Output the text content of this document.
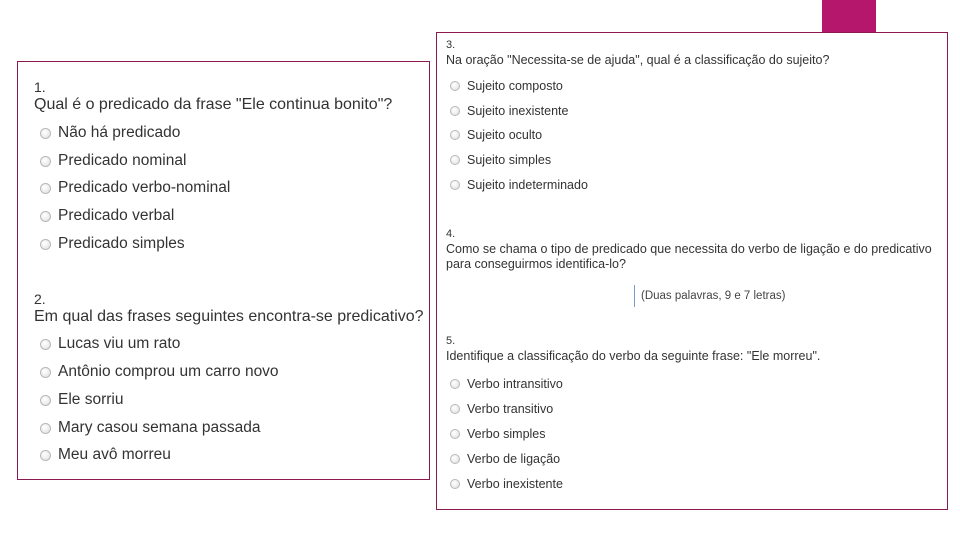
1.
Qual é o predicado da frase "Ele continua bonito"?
Não há predicado
Predicado nominal
Predicado verbo-nominal
Predicado verbal
Predicado simples
2.
Em qual das frases seguintes encontra-se predicativo?
Lucas viu um rato
Antônio comprou um carro novo
Ele sorriu
Mary casou semana passada
Meu avô morreu
3.
Na oração "Necessita-se de ajuda", qual é a classificação do sujeito?
Sujeito composto
Sujeito inexistente
Sujeito oculto
Sujeito simples
Sujeito indeterminado
4.
Como se chama o tipo de predicado que necessita do verbo de ligação e do predicativo para conseguirmos identifica-lo?
(Duas palavras, 9 e 7 letras)
5.
Identifique a classificação do verbo da seguinte frase: "Ele morreu".
Verbo intransitivo
Verbo transitivo
Verbo simples
Verbo de ligação
Verbo inexistente
